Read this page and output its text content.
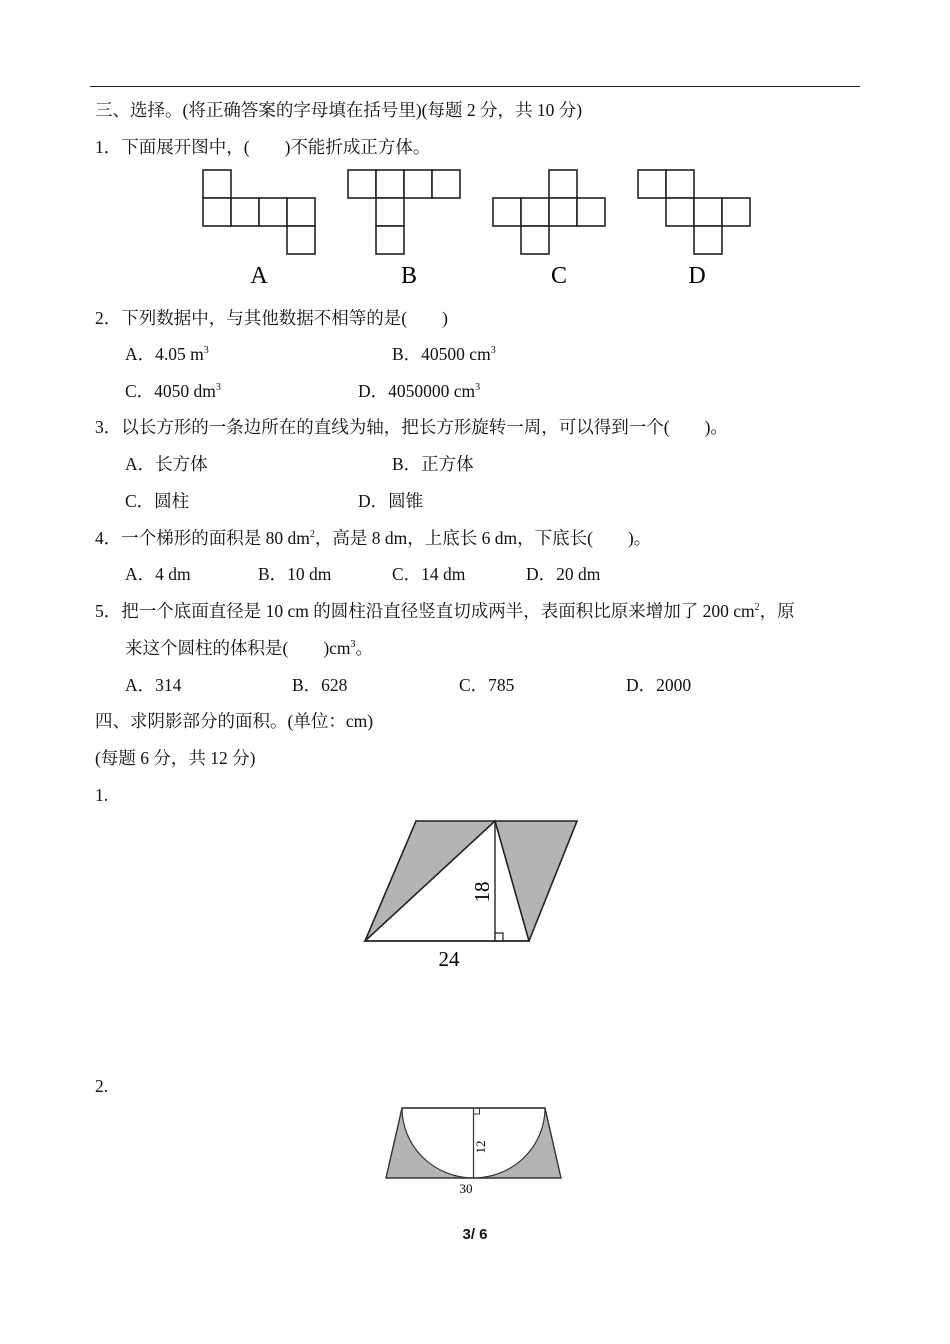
三、选择。(将正确答案的字母填在括号里)(每题 2 分，共 10 分)
1．下面展开图中，(　　)不能折成正方体。
A	B	C	D
2．下列数据中，与其他数据不相等的是(　　)
A．4.05 $m^3$	B．40500 $cm^3$
C．4050 $dm^3$	D．4050000 $cm^3$
3．以长方形的一条边所在的直线为轴，把长方形旋转一周，可以得到一个(　　)。
A．长方体	B．正方体
C．圆柱	D．圆锥
4．一个梯形的面积是 80 $dm^2$，高是 8 dm，上底长 6 dm，下底长(　　)。
A．4 dm	B．10 dm	C．14 dm	D．20 dm
5．把一个底面直径是 10 cm 的圆柱沿直径竖直切成两半，表面积比原来增加了 200 $cm^2$，原
来这个圆柱的体积是(　　)$cm^3$。
A．314	B．628	C．785	D．2000
四、求阴影部分的面积。(单位：cm)
(每题 6 分，共 12 分)
1.
18
24
2.
12
30
3/ 6
